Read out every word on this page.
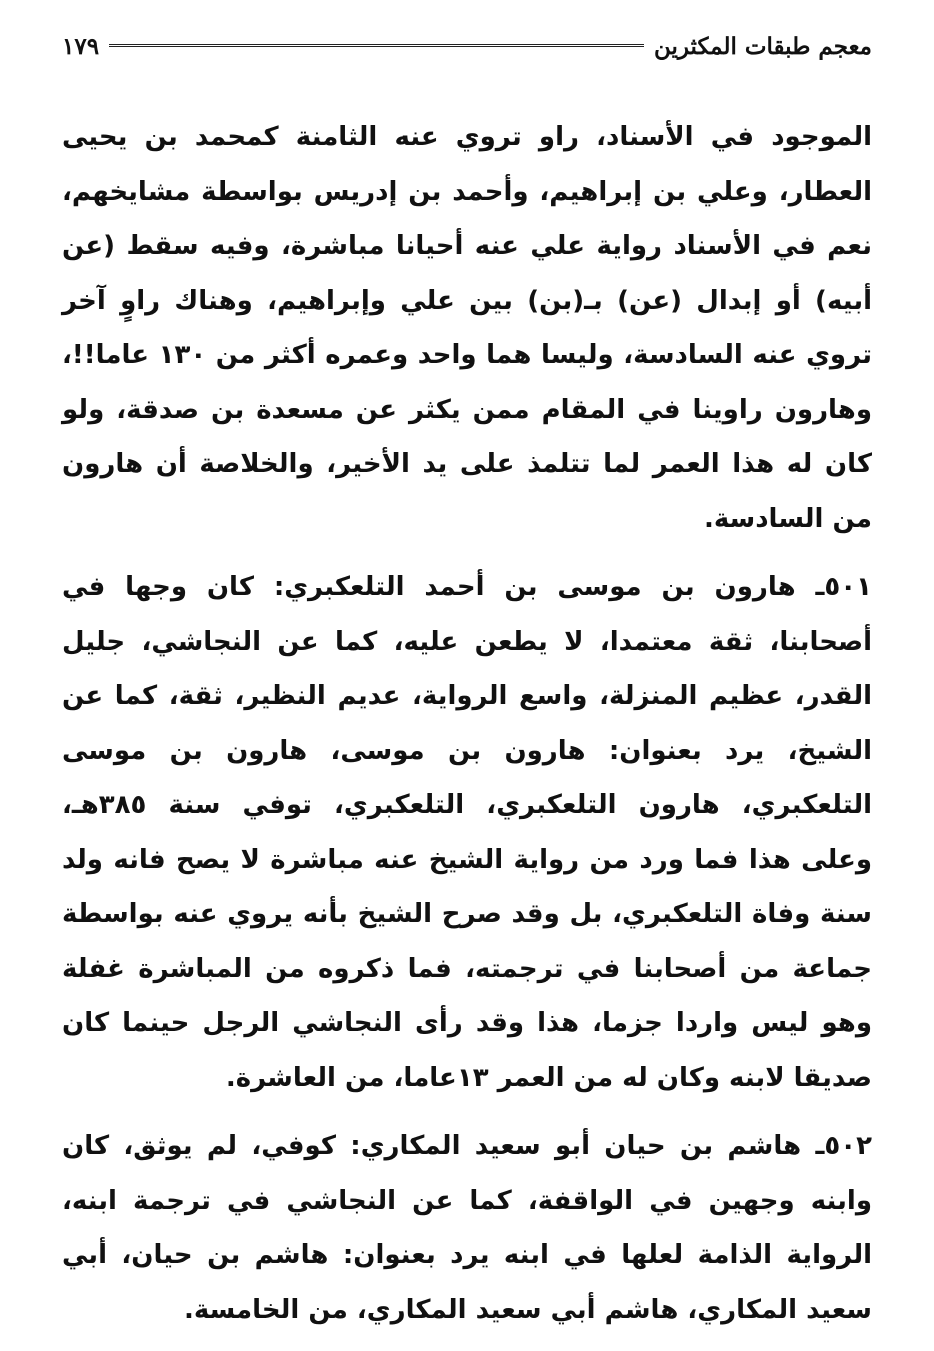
معجم طبقات المكثرين
١٧٩

الموجود في الأسناد، راو تروي عنه الثامنة كمحمد بن يحيى العطار، وعلي بن إبراهيم، وأحمد بن إدريس بواسطة مشايخهم، نعم في الأسناد رواية علي عنه أحيانا مباشرة، وفيه سقط (عن أبيه) أو إبدال (عن) بـ(بن) بين علي وإبراهيم، وهناك راوٍ آخر تروي عنه السادسة، وليسا هما واحد وعمره أكثر من ١٣٠ عاما!!، وهارون راوينا في المقام ممن يكثر عن مسعدة بن صدقة، ولو كان له هذا العمر لما تتلمذ على يد الأخير، والخلاصة أن هارون من السادسة.

٥٠١ـ هارون بن موسى بن أحمد التلعكبري: كان وجها في أصحابنا، ثقة معتمدا، لا يطعن عليه، كما عن النجاشي، جليل القدر، عظيم المنزلة، واسع الرواية، عديم النظير، ثقة، كما عن الشيخ، يرد بعنوان: هارون بن موسى، هارون بن موسى التلعكبري، هارون التلعكبري، التلعكبري، توفي سنة ٣٨٥هـ، وعلى هذا فما ورد من رواية الشيخ عنه مباشرة لا يصح فانه ولد سنة وفاة التلعكبري، بل وقد صرح الشيخ بأنه يروي عنه بواسطة جماعة من أصحابنا في ترجمته، فما ذكروه من المباشرة غفلة وهو ليس واردا جزما، هذا وقد رأى النجاشي الرجل حينما كان صديقا لابنه وكان له من العمر ١٣عاما، من العاشرة.

٥٠٢ـ هاشم بن حيان أبو سعيد المكاري: كوفي، لم يوثق، كان وابنه وجهين في الواقفة، كما عن النجاشي في ترجمة ابنه، الرواية الذامة لعلها في ابنه يرد بعنوان: هاشم بن حيان، أبي سعيد المكاري، هاشم أبي سعيد المكاري، من الخامسة.
